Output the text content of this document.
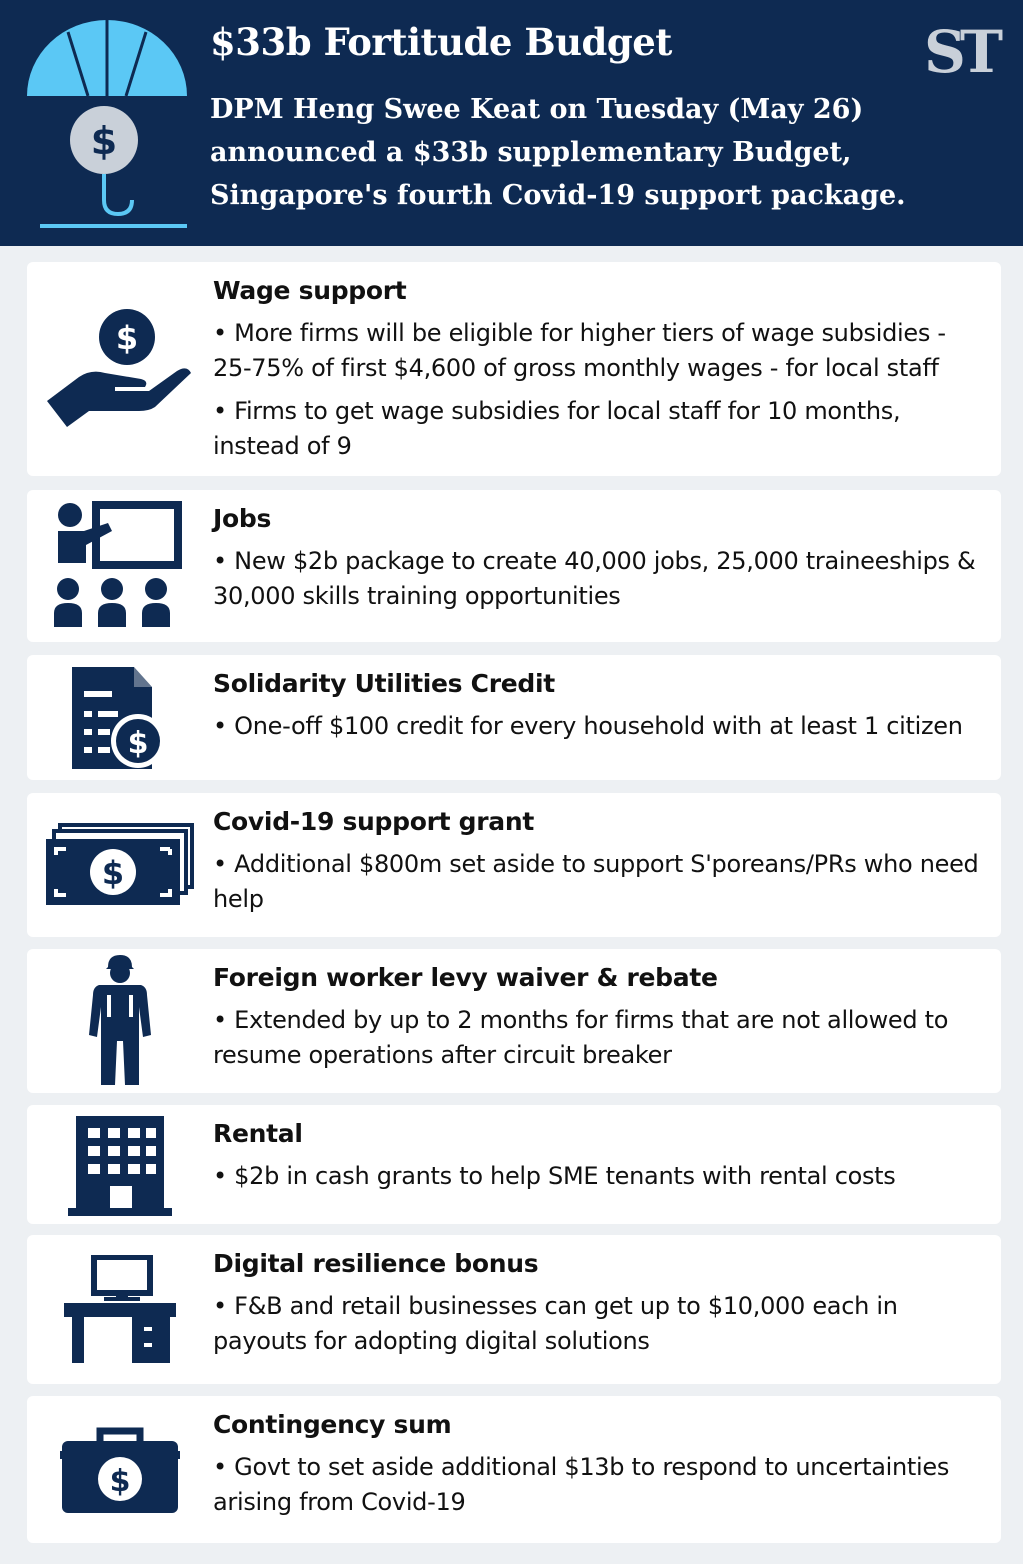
$
$33b Fortitude Budget
DPM Heng Swee Keat on Tuesday (May 26) announced a $33b supplementary Budget, Singapore's fourth Covid-19 support package.
ST
$
Wage support

• More firms will be eligible for higher tiers of wage subsidies - 25-75% of first $4,600 of gross monthly wages - for local staff

• Firms to get wage subsidies for local staff for 10 months, instead of 9

Jobs

• New $2b package to create 40,000 jobs, 25,000 traineeships & 30,000 skills training opportunities

$
Solidarity Utilities Credit

• One-off $100 credit for every household with at least 1 citizen

$
Covid-19 support grant

• Additional $800m set aside to support S'poreans/PRs who need help

Foreign worker levy waiver & rebate

• Extended by up to 2 months for firms that are not allowed to resume operations after circuit breaker

Rental

• $2b in cash grants to help SME tenants with rental costs

Digital resilience bonus

• F&B and retail businesses can get up to $10,000 each in payouts for adopting digital solutions

$
Contingency sum

• Govt to set aside additional $13b to respond to uncertainties arising from Covid-19
